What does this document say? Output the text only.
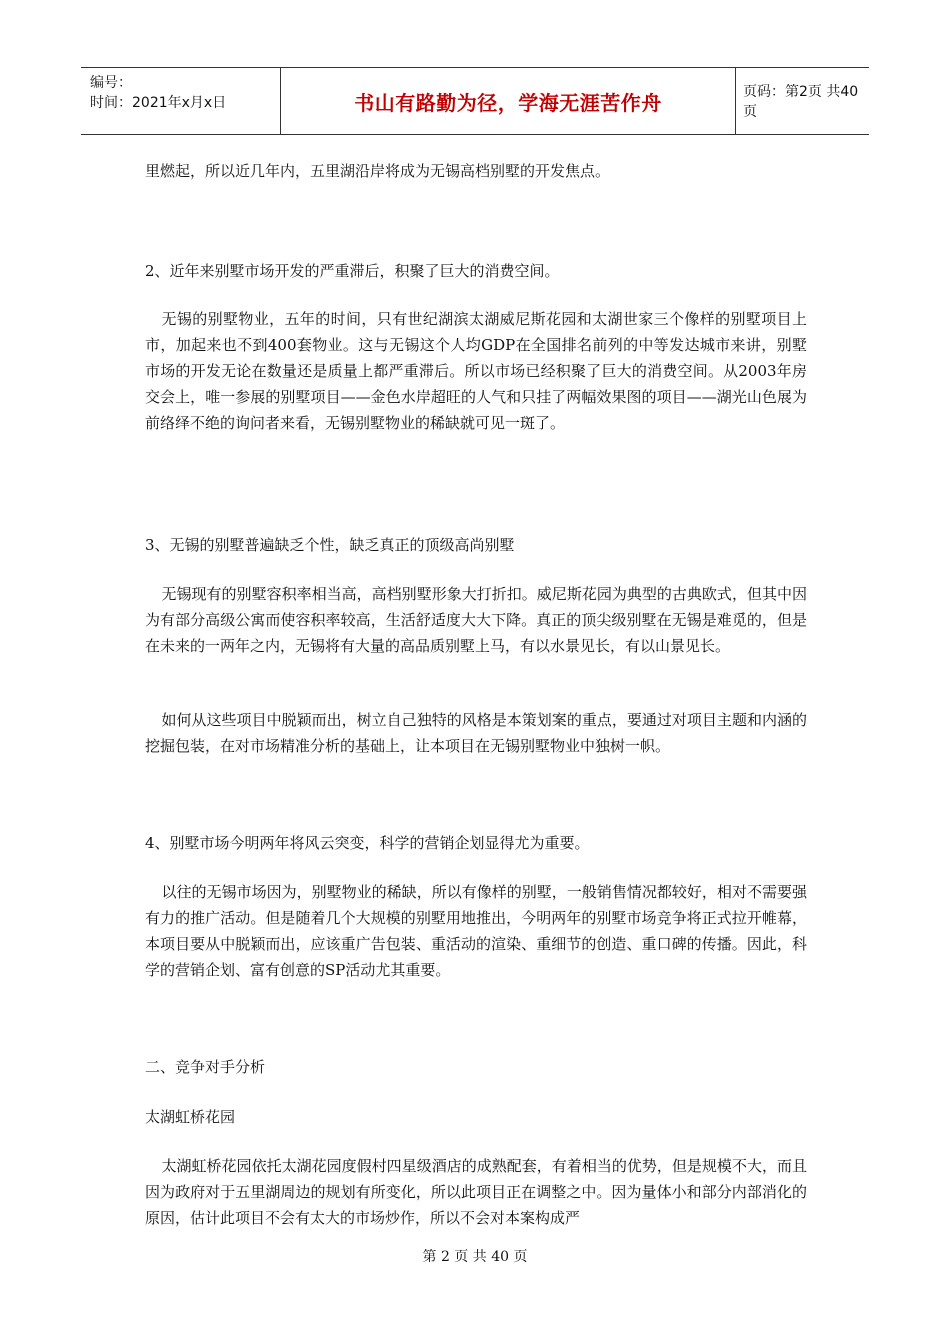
编号：
时间：2021年x月x日	书山有路勤为径，学海无涯苦作舟	页码：第2页 共40页

里燃起，所以近几年内，五里湖沿岸将成为无锡高档别墅的开发焦点。

2、近年来别墅市场开发的严重滞后，积聚了巨大的消费空间。

无锡的别墅物业，五年的时间，只有世纪湖滨太湖威尼斯花园和太湖世家三个像样的别墅项目上市，加起来也不到400套物业。这与无锡这个人均GDP在全国排名前列的中等发达城市来讲，别墅市场的开发无论在数量还是质量上都严重滞后。所以市场已经积聚了巨大的消费空间。从2003年房交会上，唯一参展的别墅项目——金色水岸超旺的人气和只挂了两幅效果图的项目——湖光山色展为前络绎不绝的询问者来看，无锡别墅物业的稀缺就可见一斑了。

3、无锡的别墅普遍缺乏个性，缺乏真正的顶级高尚别墅

无锡现有的别墅容积率相当高，高档别墅形象大打折扣。威尼斯花园为典型的古典欧式，但其中因为有部分高级公寓而使容积率较高，生活舒适度大大下降。真正的顶尖级别墅在无锡是难觅的，但是在未来的一两年之内，无锡将有大量的高品质别墅上马，有以水景见长，有以山景见长。

如何从这些项目中脱颖而出，树立自己独特的风格是本策划案的重点，要通过对项目主题和内涵的挖掘包装，在对市场精准分析的基础上，让本项目在无锡别墅物业中独树一帜。

4、别墅市场今明两年将风云突变，科学的营销企划显得尤为重要。

以往的无锡市场因为，别墅物业的稀缺，所以有像样的别墅，一般销售情况都较好，相对不需要强有力的推广活动。但是随着几个大规模的别墅用地推出，今明两年的别墅市场竞争将正式拉开帷幕，本项目要从中脱颖而出，应该重广告包装、重活动的渲染、重细节的创造、重口碑的传播。因此，科学的营销企划、富有创意的SP活动尤其重要。

二、竞争对手分析

太湖虹桥花园

太湖虹桥花园依托太湖花园度假村四星级酒店的成熟配套，有着相当的优势，但是规模不大，而且因为政府对于五里湖周边的规划有所变化，所以此项目正在调整之中。因为量体小和部分内部消化的原因，估计此项目不会有太大的市场炒作，所以不会对本案构成严

第 2 页 共 40 页
